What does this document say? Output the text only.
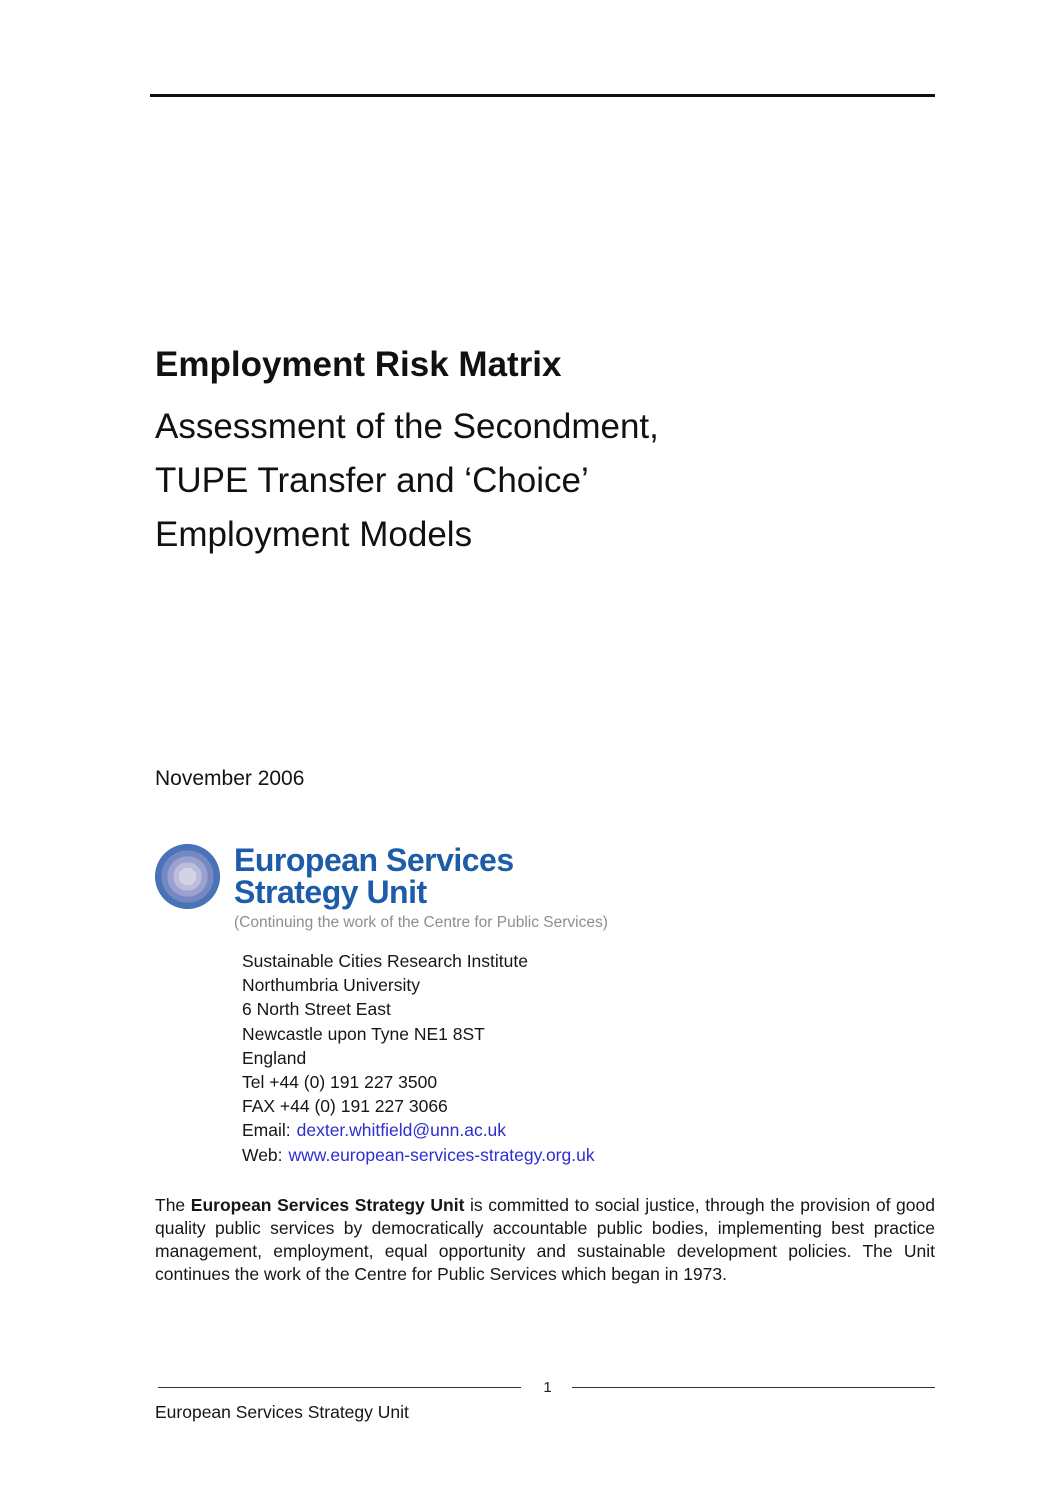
Employment Risk Matrix
Assessment of the Secondment,
TUPE Transfer and ‘Choice’
Employment Models
November 2006
European Services
Strategy Unit
(Continuing the work of the Centre for Public Services)
Sustainable Cities Research Institute
Northumbria University
6 North Street East
Newcastle upon Tyne NE1 8ST
England
Tel +44 (0) 191 227 3500
FAX +44 (0) 191 227 3066
Email: dexter.whitfield@unn.ac.uk
Web: www.european-services-strategy.org.uk

The European Services Strategy Unit is committed to social justice, through the provision of good quality public services by democratically accountable public bodies, implementing best practice management, employment, equal opportunity and sustainable development policies. The Unit continues the work of the Centre for Public Services which began in 1973.

1
European Services Strategy Unit
